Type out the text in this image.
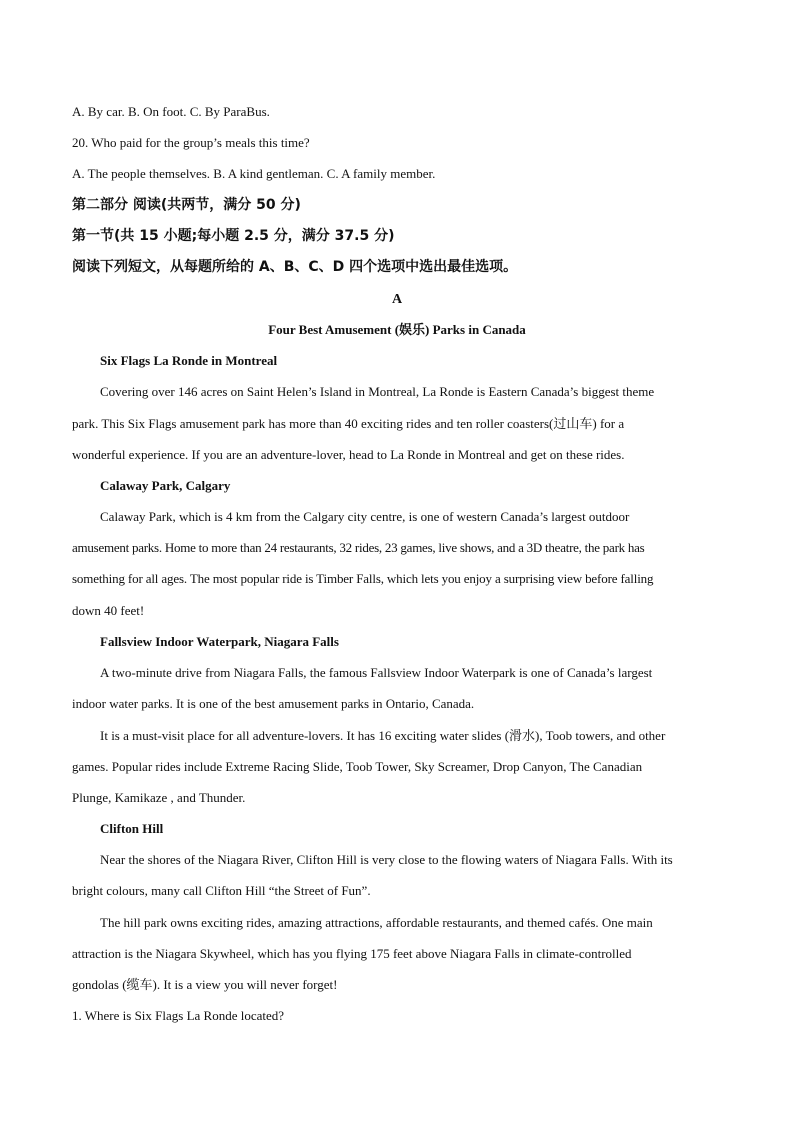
A. By car. B. On foot. C. By ParaBus.
20. Who paid for the group’s meals this time?
A. The people themselves. B. A kind gentleman. C. A family member.
第二部分 阅读(共两节，满分 50 分)
第一节(共 15 小题;每小题 2.5 分，满分 37.5 分)
阅读下列短文，从每题所给的 A、B、C、D 四个选项中选出最佳选项。
A
Four Best Amusement (娱乐) Parks in Canada
Six Flags La Ronde in Montreal
Covering over 146 acres on Saint Helen’s Island in Montreal, La Ronde is Eastern Canada’s biggest theme
park. This Six Flags amusement park has more than 40 exciting rides and ten roller coasters(过山车) for a
wonderful experience. If you are an adventure-lover, head to La Ronde in Montreal and get on these rides.
Calaway Park, Calgary
Calaway Park, which is 4 km from the Calgary city centre, is one of western Canada’s largest outdoor
amusement parks. Home to more than 24 restaurants, 32 rides, 23 games, live shows, and a 3D theatre, the park has
something for all ages. The most popular ride is Timber Falls, which lets you enjoy a surprising view before falling
down 40 feet!
Fallsview Indoor Waterpark, Niagara Falls
A two-minute drive from Niagara Falls, the famous Fallsview Indoor Waterpark is one of Canada’s largest
indoor water parks. It is one of the best amusement parks in Ontario, Canada.
It is a must-visit place for all adventure-lovers. It has 16 exciting water slides (滑水), Toob towers, and other
games. Popular rides include Extreme Racing Slide, Toob Tower, Sky Screamer, Drop Canyon, The Canadian
Plunge, Kamikaze , and Thunder.
Clifton Hill
Near the shores of the Niagara River, Clifton Hill is very close to the flowing waters of Niagara Falls. With its
bright colours, many call Clifton Hill “the Street of Fun”.
The hill park owns exciting rides, amazing attractions, affordable restaurants, and themed cafés. One main
attraction is the Niagara Skywheel, which has you flying 175 feet above Niagara Falls in climate-controlled
gondolas (缆车). It is a view you will never forget!
1. Where is Six Flags La Ronde located?
